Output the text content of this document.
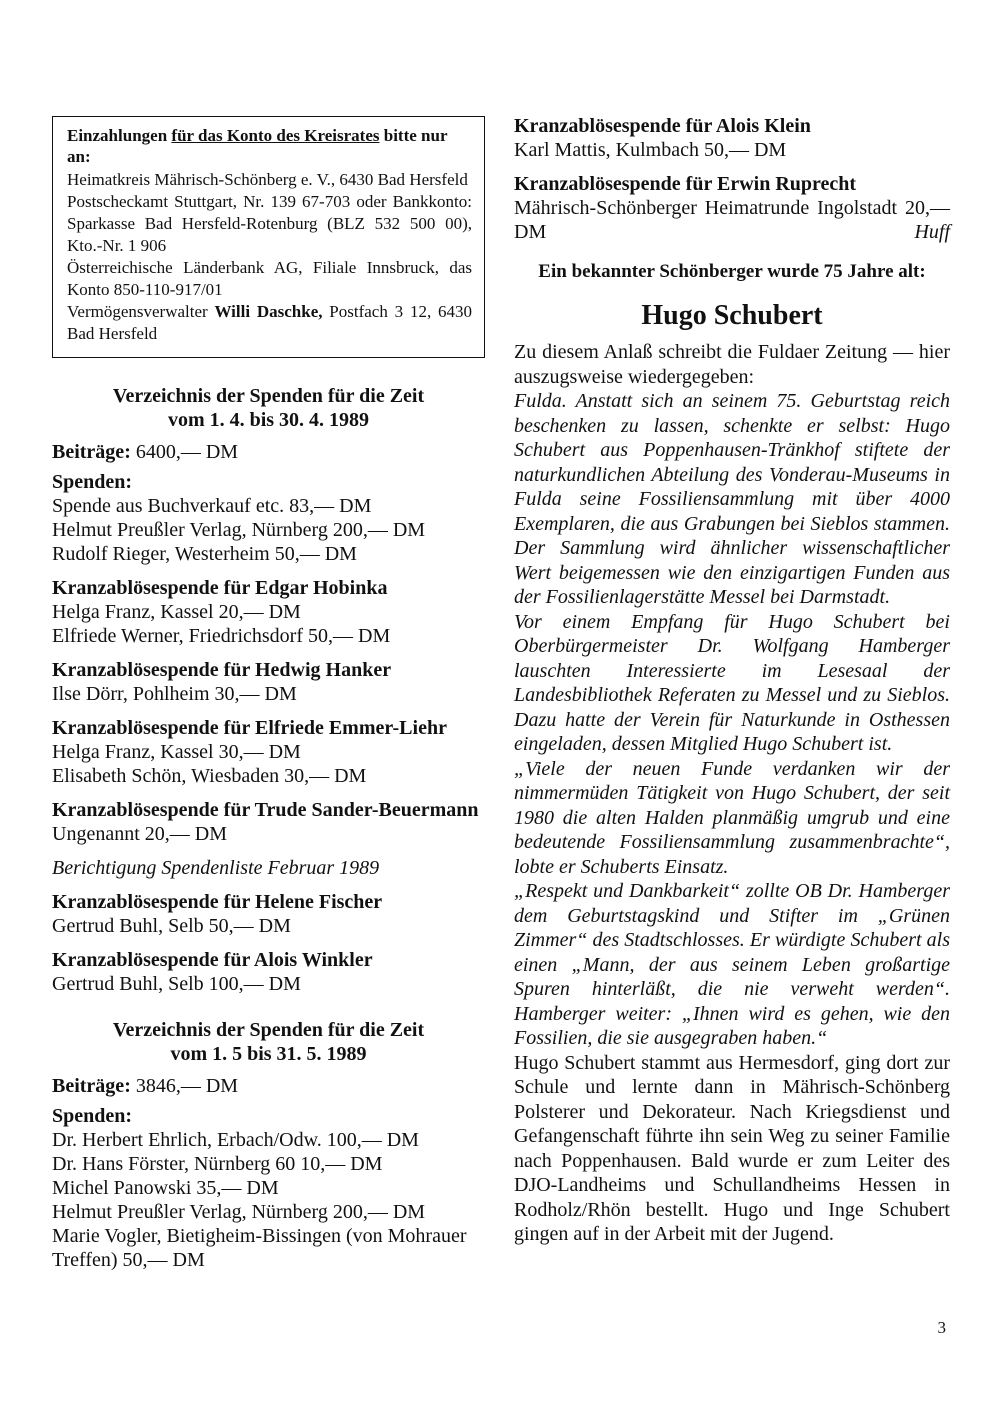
Einzahlungen für das Konto des Kreisrates bitte nur an:

Heimatkreis Mährisch-Schönberg e. V., 6430 Bad Hersfeld

Postscheckamt Stuttgart, Nr. 139 67-703 oder Bankkonto: Sparkasse Bad Hersfeld-Rotenburg (BLZ 532 500 00), Kto.-Nr. 1 906

Österreichische Länderbank AG, Filiale Innsbruck, das Konto 850-110-917/01

Vermögensverwalter Willi Daschke, Postfach 3 12, 6430 Bad Hersfeld

Verzeichnis der Spenden für die Zeit
vom 1. 4. bis 30. 4. 1989

Beiträge: 6400,— DM

Spenden:

Spende aus Buchverkauf etc. 83,— DM

Helmut Preußler Verlag, Nürnberg 200,— DM

Rudolf Rieger, Westerheim 50,— DM

Kranzablösespende für Edgar Hobinka

Helga Franz, Kassel 20,— DM

Elfriede Werner, Friedrichsdorf 50,— DM

Kranzablösespende für Hedwig Hanker

Ilse Dörr, Pohlheim 30,— DM

Kranzablösespende für Elfriede Emmer-Liehr

Helga Franz, Kassel 30,— DM

Elisabeth Schön, Wiesbaden 30,— DM

Kranzablösespende für Trude Sander-Beuermann

Ungenannt 20,— DM

Berichtigung Spendenliste Februar 1989

Kranzablösespende für Helene Fischer

Gertrud Buhl, Selb 50,— DM

Kranzablösespende für Alois Winkler

Gertrud Buhl, Selb 100,— DM

Verzeichnis der Spenden für die Zeit
vom 1. 5 bis 31. 5. 1989

Beiträge: 3846,— DM

Spenden:

Dr. Herbert Ehrlich, Erbach/Odw. 100,— DM

Dr. Hans Förster, Nürnberg 60 10,— DM

Michel Panowski 35,— DM

Helmut Preußler Verlag, Nürnberg 200,— DM

Marie Vogler, Bietigheim-Bissingen (von Mohrauer Treffen) 50,— DM

Kranzablösespende für Alois Klein

Karl Mattis, Kulmbach 50,— DM

Kranzablösespende für Erwin Ruprecht

Mährisch-Schönberger Heimatrunde Ingolstadt 20,— DM	Huff

Ein bekannter Schönberger wurde 75 Jahre alt:

Hugo Schubert

Zu diesem Anlaß schreibt die Fuldaer Zeitung — hier auszugsweise wiedergegeben:

Fulda. Anstatt sich an seinem 75. Geburtstag reich beschenken zu lassen, schenkte er selbst: Hugo Schubert aus Poppenhausen-Tränkhof stiftete der naturkundlichen Abteilung des Vonderau-Museums in Fulda seine Fossiliensammlung mit über 4000 Exemplaren, die aus Grabungen bei Sieblos stammen. Der Sammlung wird ähnlicher wissenschaftlicher Wert beigemessen wie den einzigartigen Funden aus der Fossilienlagerstätte Messel bei Darmstadt.

Vor einem Empfang für Hugo Schubert bei Oberbürgermeister Dr. Wolfgang Hamberger lauschten Interessierte im Lesesaal der Landesbibliothek Referaten zu Messel und zu Sieblos. Dazu hatte der Verein für Naturkunde in Osthessen eingeladen, dessen Mitglied Hugo Schubert ist.

„Viele der neuen Funde verdanken wir der nimmermüden Tätigkeit von Hugo Schubert, der seit 1980 die alten Halden planmäßig umgrub und eine bedeutende Fossiliensammlung zusammenbrachte“, lobte er Schuberts Einsatz.

„Respekt und Dankbarkeit“ zollte OB Dr. Hamberger dem Geburtstagskind und Stifter im „Grünen Zimmer“ des Stadtschlosses. Er würdigte Schubert als einen „Mann, der aus seinem Leben großartige Spuren hinterläßt, die nie verweht werden“. Hamberger weiter: „Ihnen wird es gehen, wie den Fossilien, die sie ausgegraben haben.“

Hugo Schubert stammt aus Hermesdorf, ging dort zur Schule und lernte dann in Mährisch-Schönberg Polsterer und Dekorateur. Nach Kriegsdienst und Gefangenschaft führte ihn sein Weg zu seiner Familie nach Poppenhausen. Bald wurde er zum Leiter des DJO-Landheims und Schullandheims Hessen in Rodholz/Rhön bestellt. Hugo und Inge Schubert gingen auf in der Arbeit mit der Jugend.

3
